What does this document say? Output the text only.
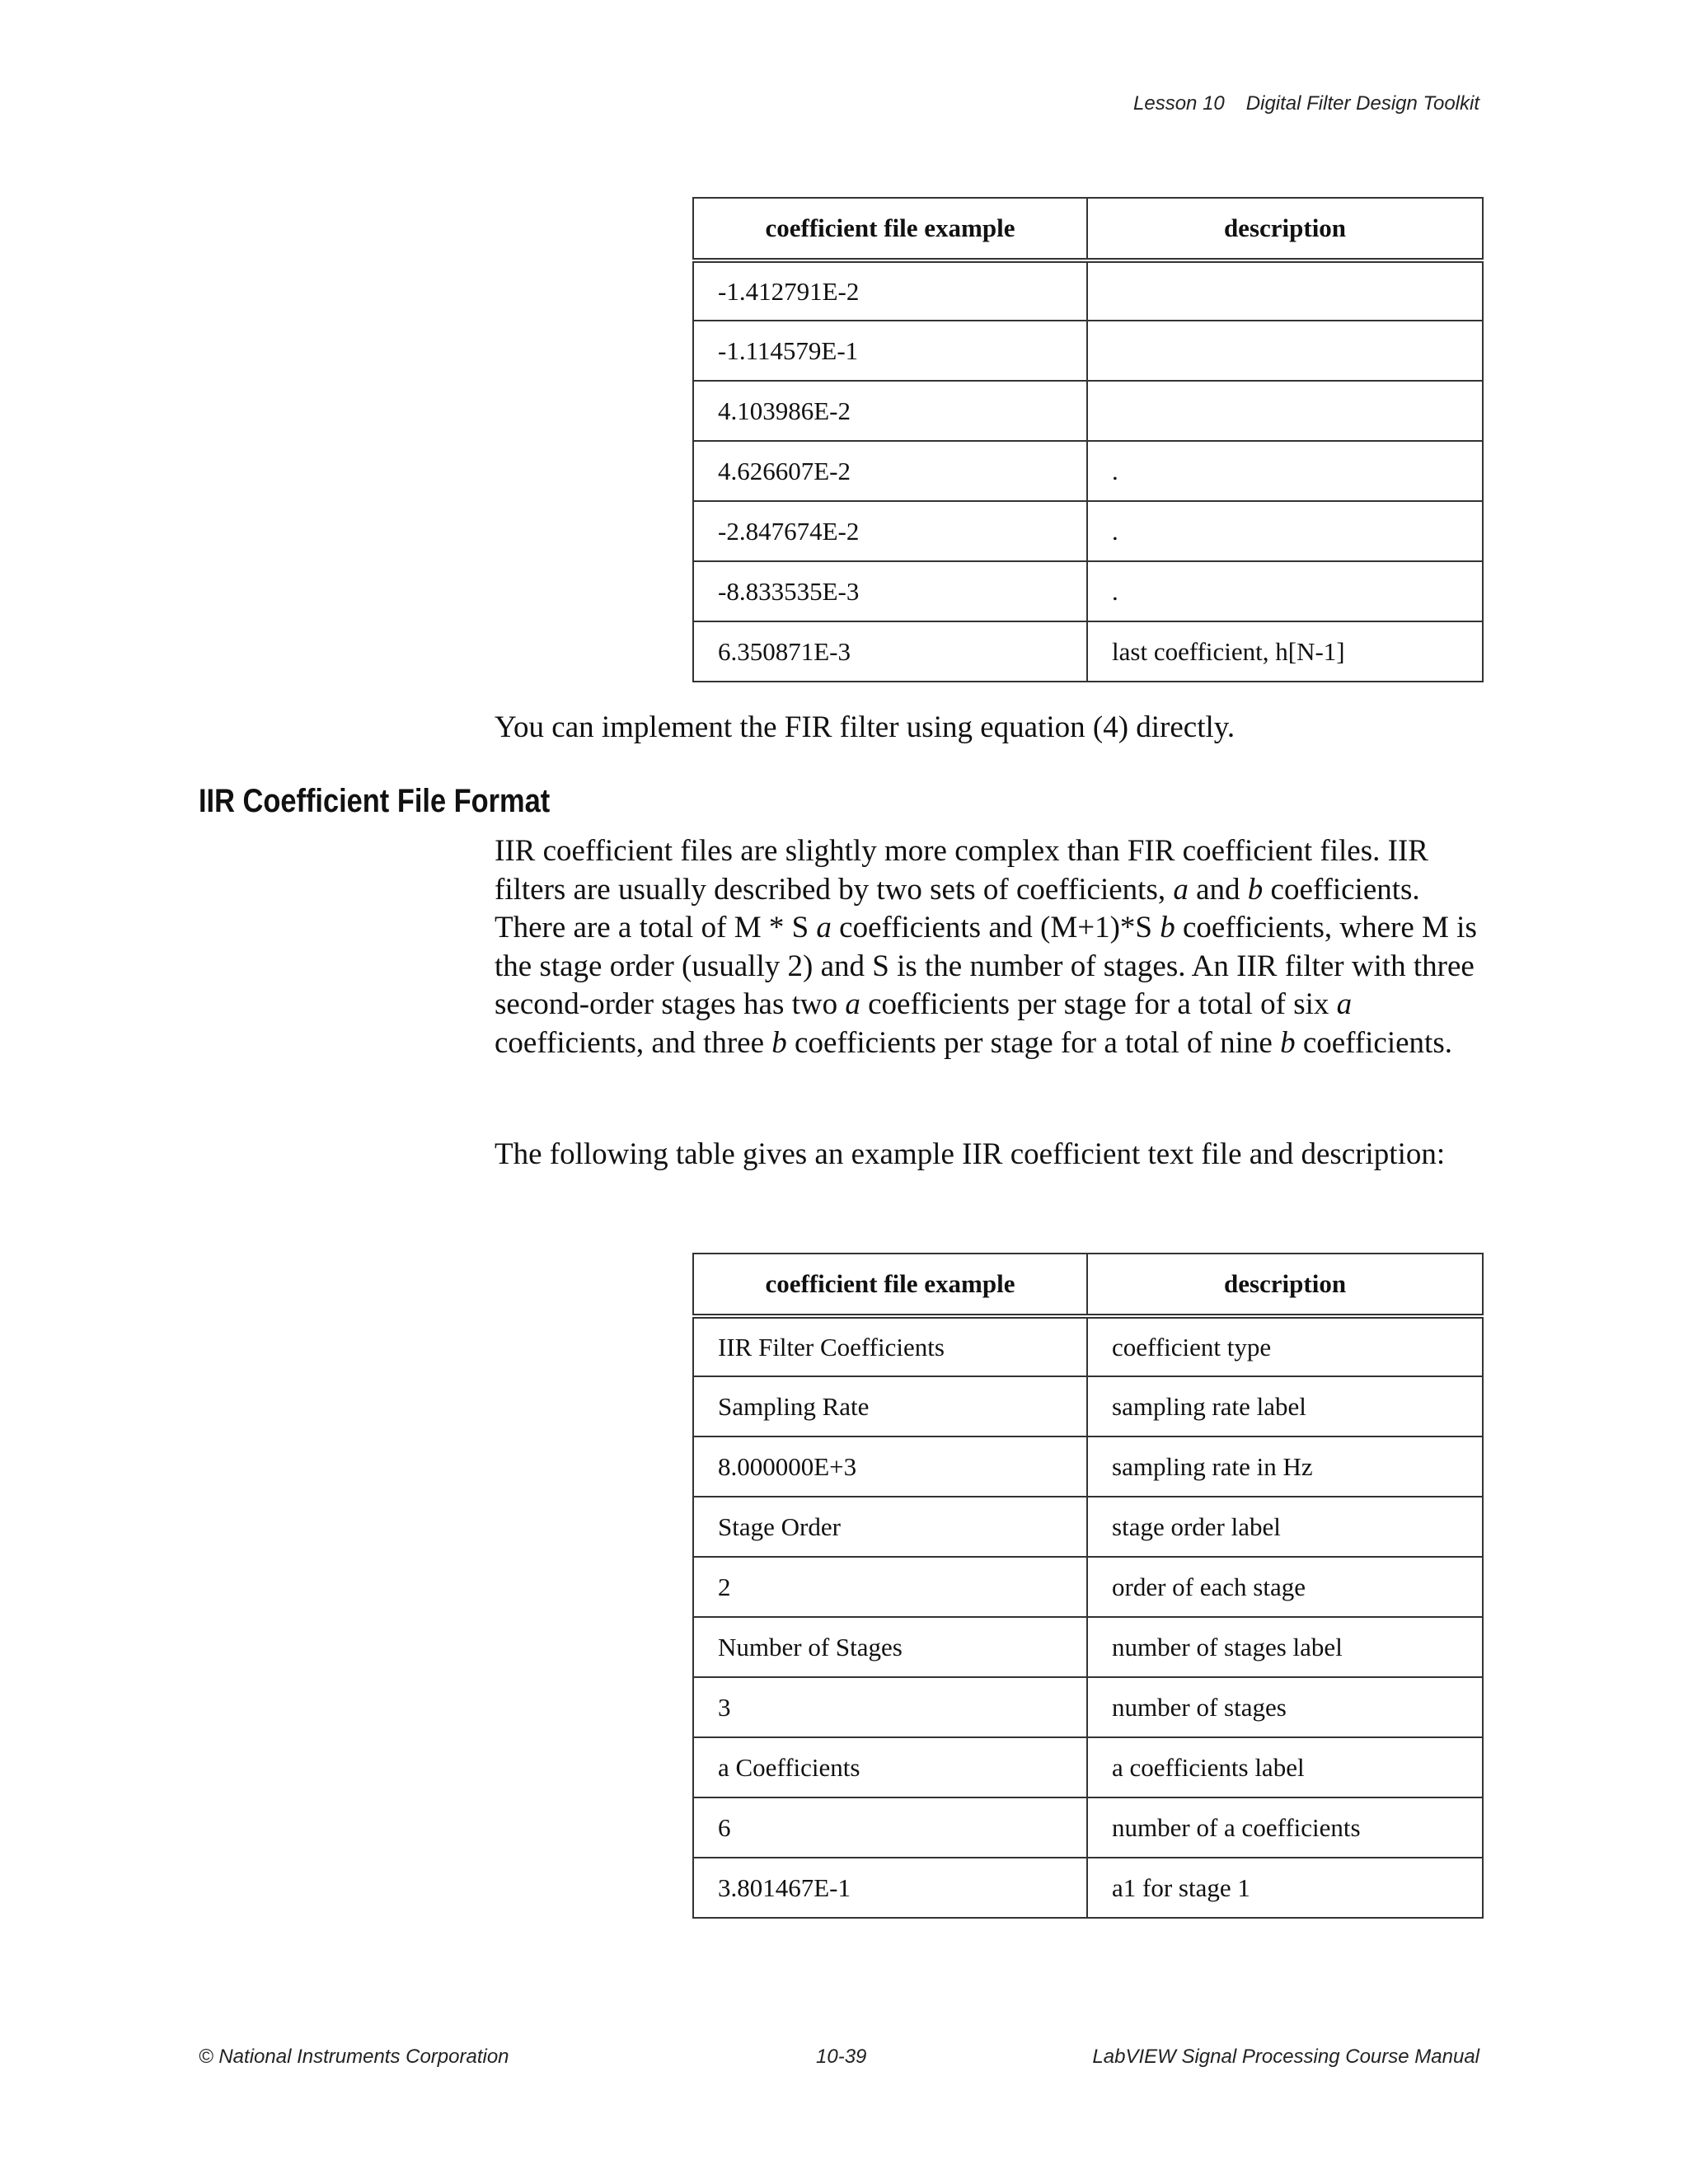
Lesson 10 Digital Filter Design Toolkit
coefficient file example	description
-1.412791E-2	
-1.114579E-1	
4.103986E-2	
4.626607E-2	.
-2.847674E-2	.
-8.833535E-3	.
6.350871E-3	last coefficient, h[N-1]

You can implement the FIR filter using equation (4) directly.

IIR Coefficient File Format

IIR coefficient files are slightly more complex than FIR coefficient files. IIR filters are usually described by two sets of coefficients, a and b coefficients. There are a total of M * S a coefficients and (M+1)*S b coefficients, where M is the stage order (usually 2) and S is the number of stages. An IIR filter with three second-order stages has two a coefficients per stage for a total of six a coefficients, and three b coefficients per stage for a total of nine b coefficients.

The following table gives an example IIR coefficient text file and description:

coefficient file example	description
IIR Filter Coefficients	coefficient type
Sampling Rate	sampling rate label
8.000000E+3	sampling rate in Hz
Stage Order	stage order label
2	order of each stage
Number of Stages	number of stages label
3	number of stages
a Coefficients	a coefficients label
6	number of a coefficients
3.801467E-1	a1 for stage 1
© National Instruments Corporation	10-39	LabVIEW Signal Processing Course Manual
